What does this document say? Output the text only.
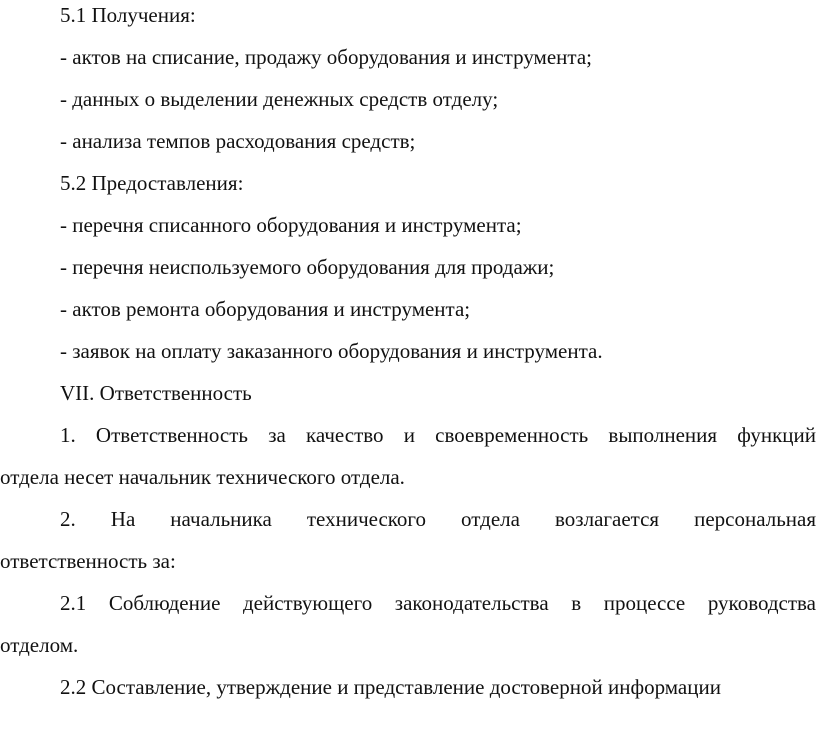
5.1 Получения:
- актов на списание, продажу оборудования и инструмента;
- данных о выделении денежных средств отделу;
- анализа темпов расходования средств;
5.2 Предоставления:
- перечня списанного оборудования и инструмента;
- перечня неиспользуемого оборудования для продажи;
- актов ремонта оборудования и инструмента;
- заявок на оплату заказанного оборудования и инструмента.
VII. Ответственность
1. Ответственность за качество и своевременность выполнения функций
отдела несет начальник технического отдела.
2. На начальника технического отдела возлагается персональная
ответственность за:
2.1 Соблюдение действующего законодательства в процессе руководства
отделом.
2.2 Составление, утверждение и представление достоверной информации
